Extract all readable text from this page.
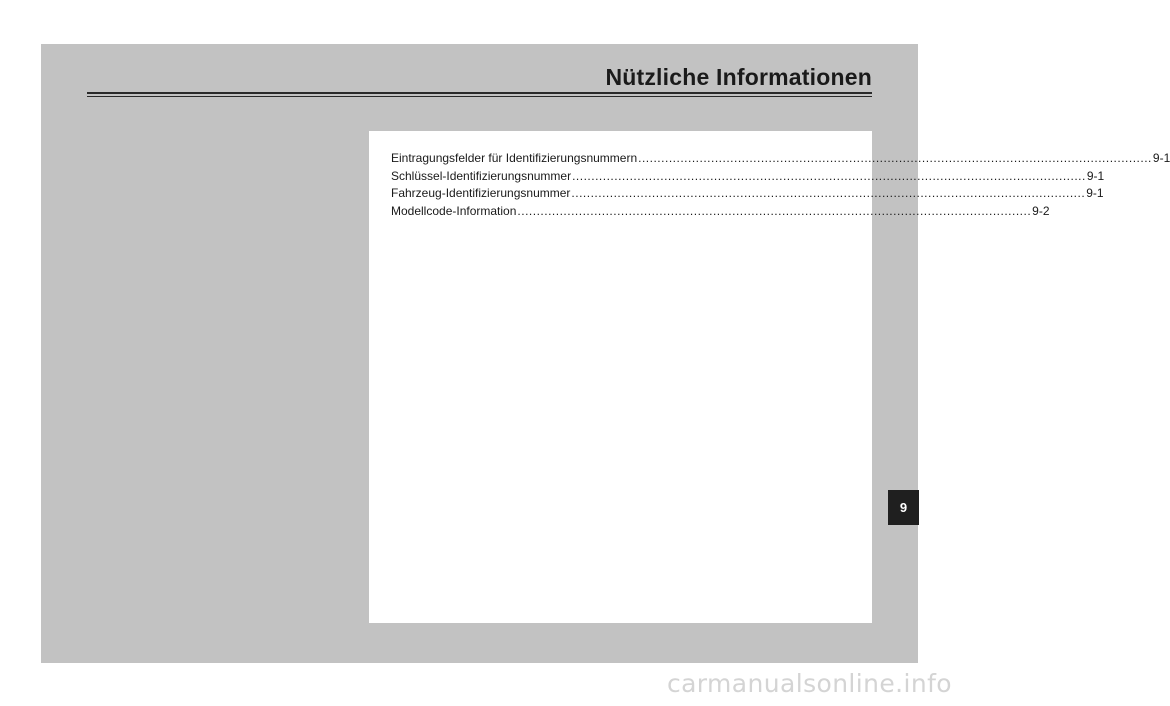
Nützliche Informationen
Eintragungsfelder für Identifizierungsnummern ...................................................................................................................................... 9-1
Schlüssel-Identifizierungsnummer ...................................................................................................................................... 9-1
Fahrzeug-Identifizierungsnummer ...................................................................................................................................... 9-1
Modellcode-Information ...................................................................................................................................... 9-2
9
carmanualsonline.info
